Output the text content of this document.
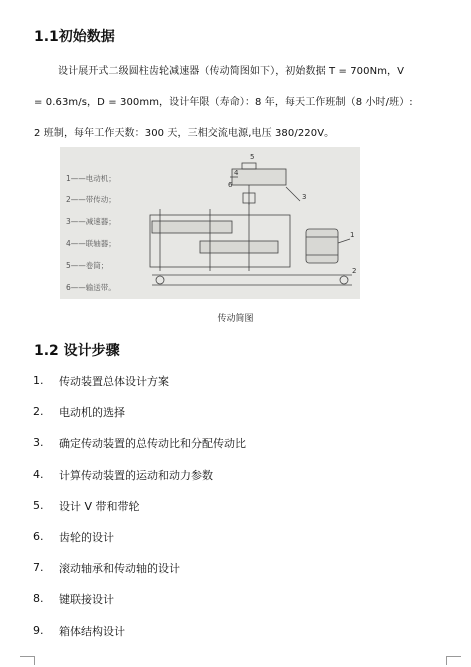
1.1初始数据
设计展开式二级圆柱齿轮减速器（传动简图如下），初始数据 T = 700Nm，V
= 0.63m/s，D = 300mm，设计年限（寿命）：8 年，每天工作班制（8 小时/班）:
2 班制，每年工作天数：300 天，三相交流电源,电压 380/220V。
1——电动机；
2——带传动；
3——减速器；
4——联轴器；
5——卷筒；
6——输送带。
1
2
3
4
5
6
传动简图
1.2 设计步骤
1.	传动装置总体设计方案
2.	电动机的选择
3.	确定传动装置的总传动比和分配传动比
4.	计算传动装置的运动和动力参数
5.	设计 V 带和带轮
6.	齿轮的设计
7.	滚动轴承和传动轴的设计
8.	键联接设计
9.	箱体结构设计
